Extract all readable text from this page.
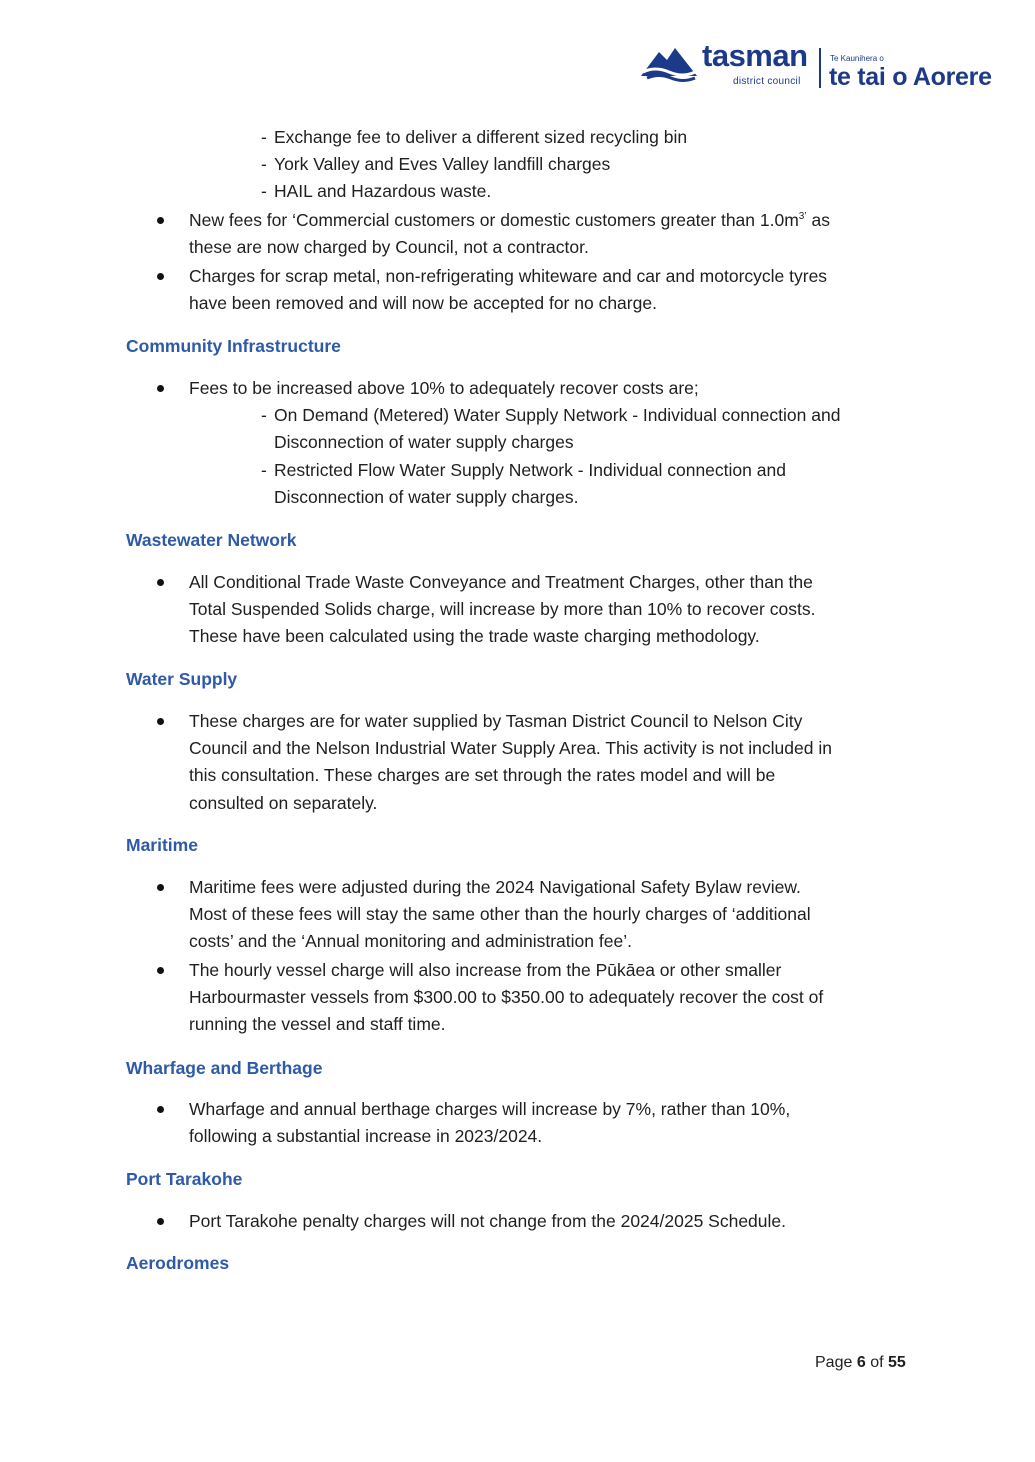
tasman
district council
Te Kaunihera o
te tai o Aorere
- Exchange fee to deliver a different sized recycling bin
- York Valley and Eves Valley landfill charges
- HAIL and Hazardous waste.
New fees for ‘Commercial customers or domestic customers greater than $1.0m^{3’}$ as
these are now charged by Council, not a contractor.
Charges for scrap metal, non-refrigerating whiteware and car and motorcycle tyres
have been removed and will now be accepted for no charge.
Community Infrastructure
Fees to be increased above 10% to adequately recover costs are;
- On Demand (Metered) Water Supply Network - Individual connection and
Disconnection of water supply charges
- Restricted Flow Water Supply Network - Individual connection and
Disconnection of water supply charges.
Wastewater Network
All Conditional Trade Waste Conveyance and Treatment Charges, other than the
Total Suspended Solids charge, will increase by more than 10% to recover costs.
These have been calculated using the trade waste charging methodology.
Water Supply
These charges are for water supplied by Tasman District Council to Nelson City
Council and the Nelson Industrial Water Supply Area. This activity is not included in
this consultation. These charges are set through the rates model and will be
consulted on separately.
Maritime
Maritime fees were adjusted during the 2024 Navigational Safety Bylaw review.
Most of these fees will stay the same other than the hourly charges of ‘additional
costs’ and the ‘Annual monitoring and administration fee’.
The hourly vessel charge will also increase from the Pūkāea or other smaller
Harbourmaster vessels from $300.00 to $350.00 to adequately recover the cost of
running the vessel and staff time.
Wharfage and Berthage
Wharfage and annual berthage charges will increase by 7%, rather than 10%,
following a substantial increase in 2023/2024.
Port Tarakohe
Port Tarakohe penalty charges will not change from the 2024/2025 Schedule.
Aerodromes
Page 6 of 55
